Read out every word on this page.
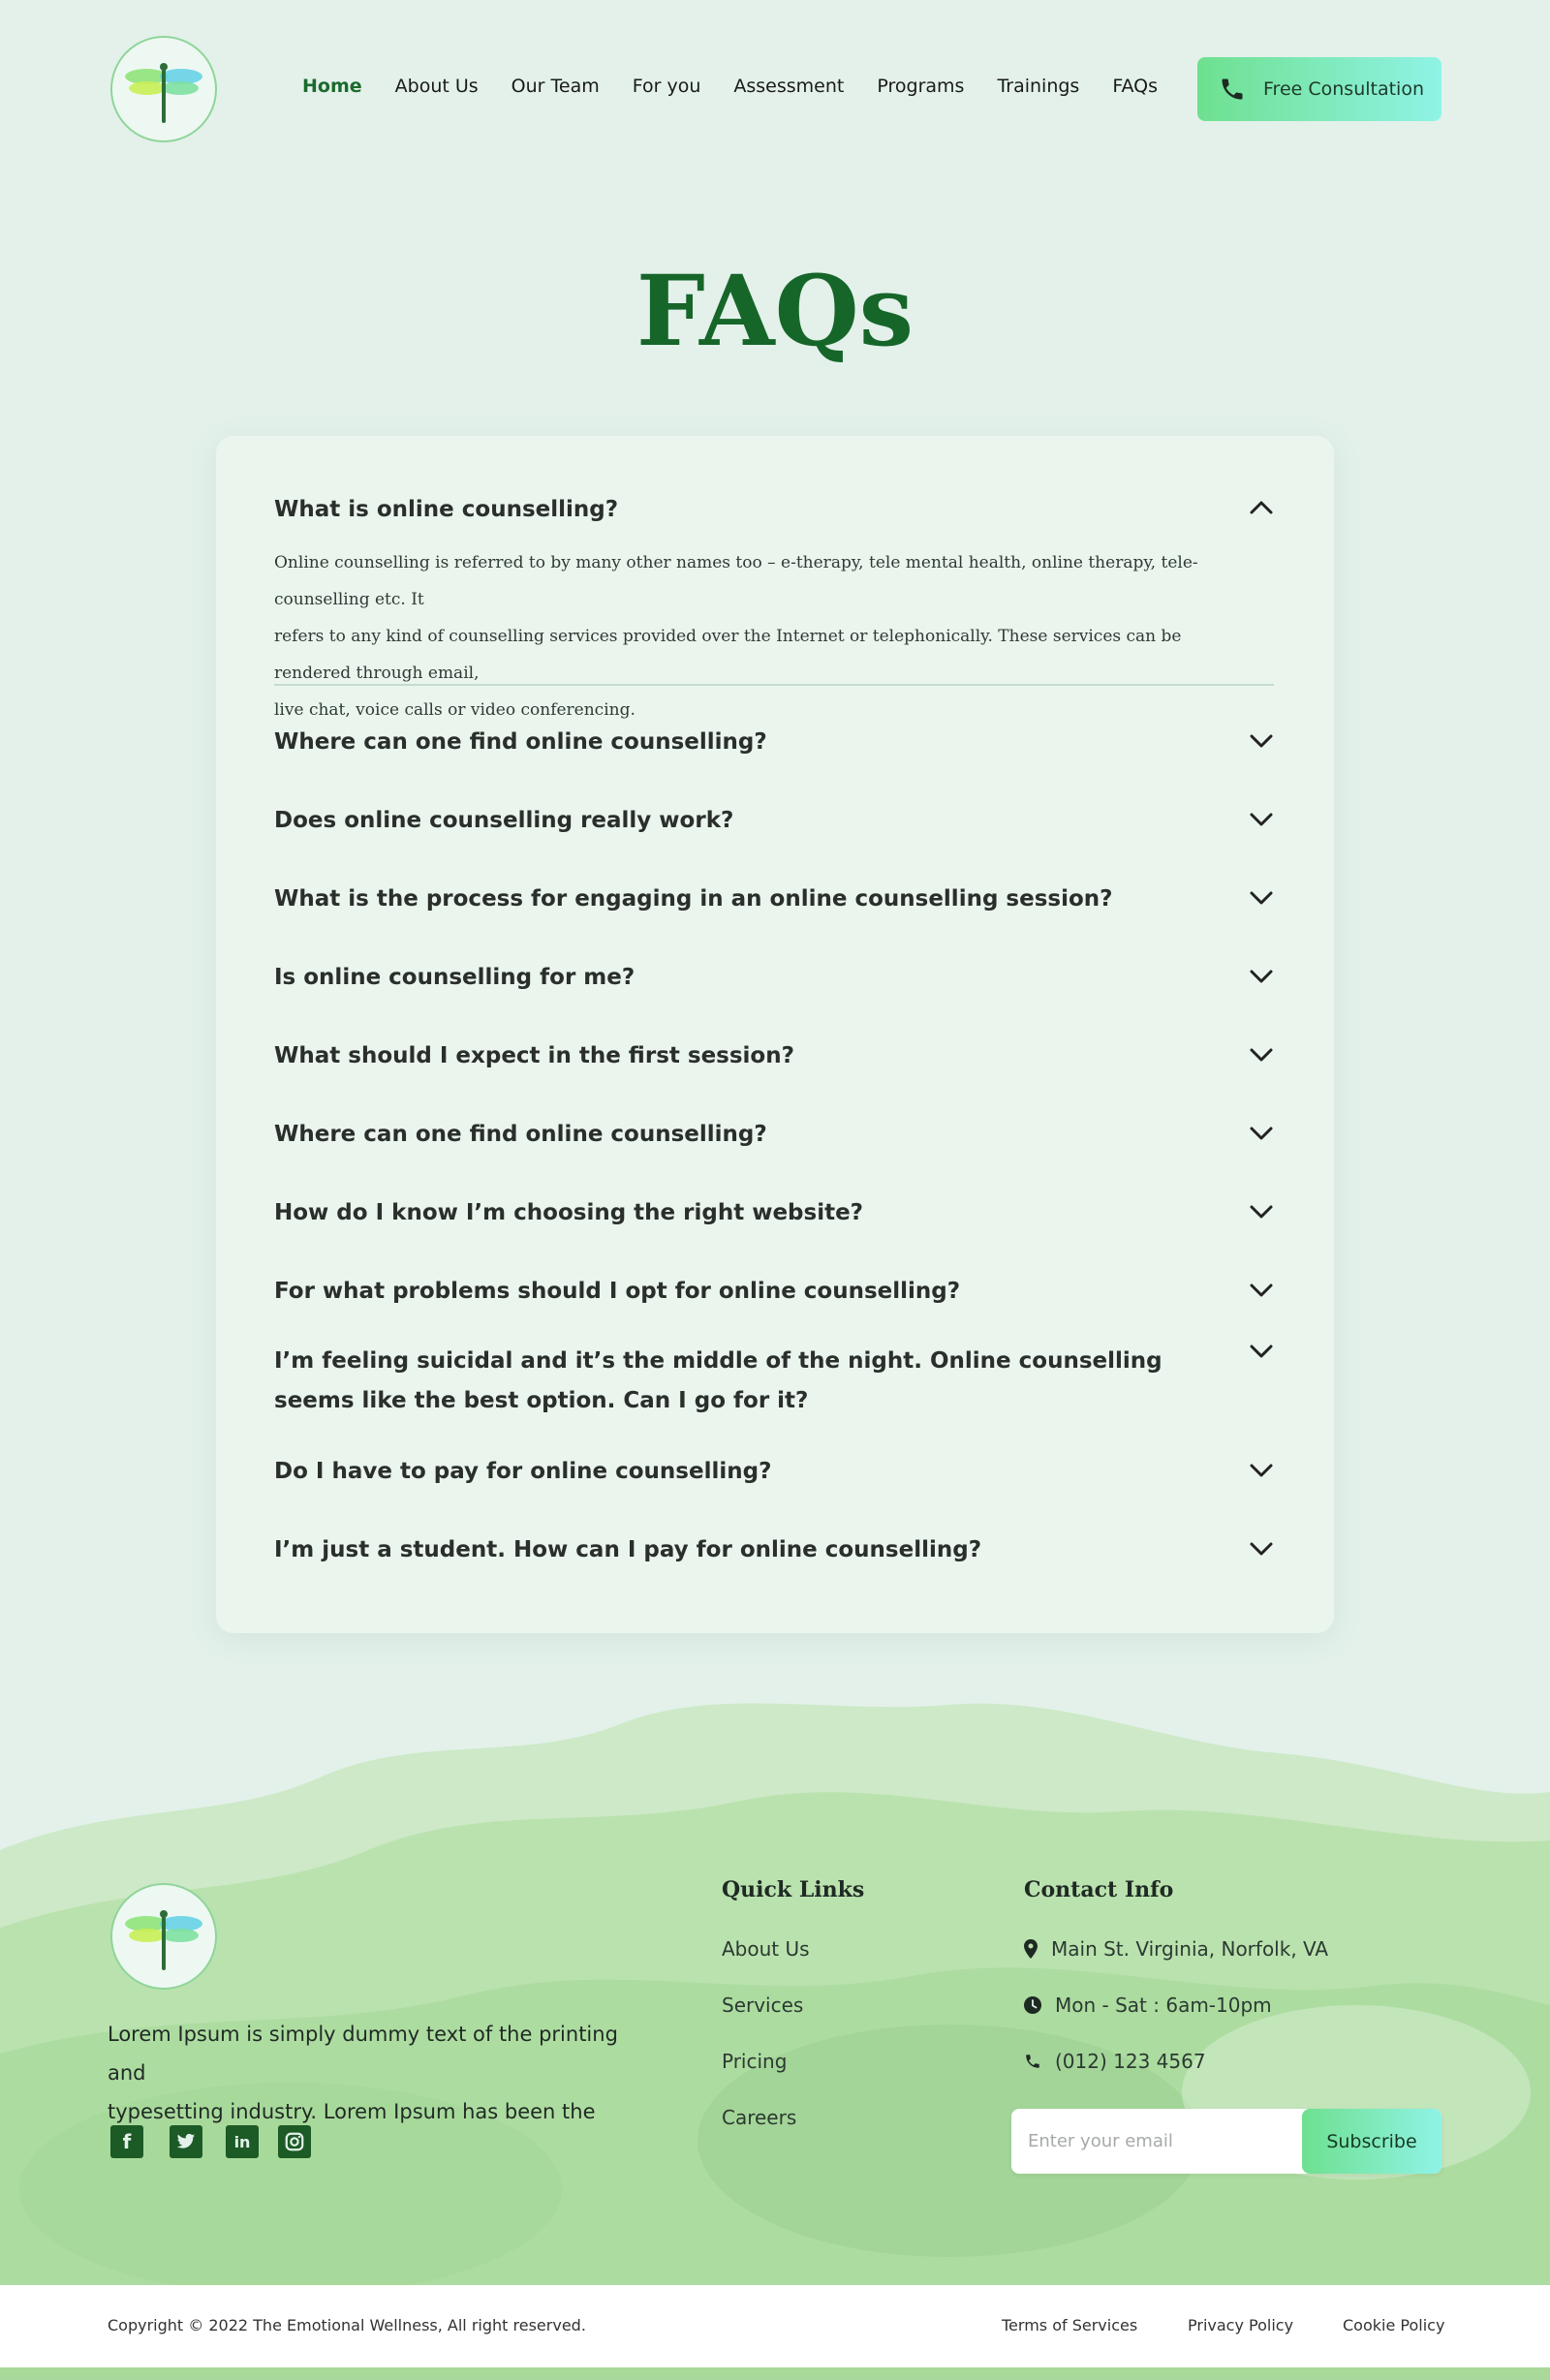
Home About Us Our Team For you Assessment Programs Trainings FAQs	Free Consultation
FAQs
What is online counselling?
Online counselling is referred to by many other names too – e-therapy, tele mental health, online therapy, tele-counselling etc. It
refers to any kind of counselling services provided over the Internet or telephonically. These services can be rendered through email,
live chat, voice calls or video conferencing.
Where can one find online counselling?
Does online counselling really work?
What is the process for engaging in an online counselling session?
Is online counselling for me?
What should I expect in the first session?
Where can one find online counselling?
How do I know I’m choosing the right website?
For what problems should I opt for online counselling?
I’m feeling suicidal and it’s the middle of the night. Online counselling seems like the best option. Can I go for it?
Do I have to pay for online counselling?
I’m just a student. How can I pay for online counselling?
Lorem Ipsum is simply dummy text of the printing and
typesetting industry. Lorem Ipsum has been the
f	in
Quick Links
About Us
Services
Pricing
Careers
Contact Info
Main St. Virginia, Norfolk, VA
Mon - Sat : 6am-10pm
(012) 123 4567
Enter your email
Subscribe
Copyright © 2022 The Emotional Wellness, All right reserved.	Terms of Services	Privacy Policy	Cookie Policy
